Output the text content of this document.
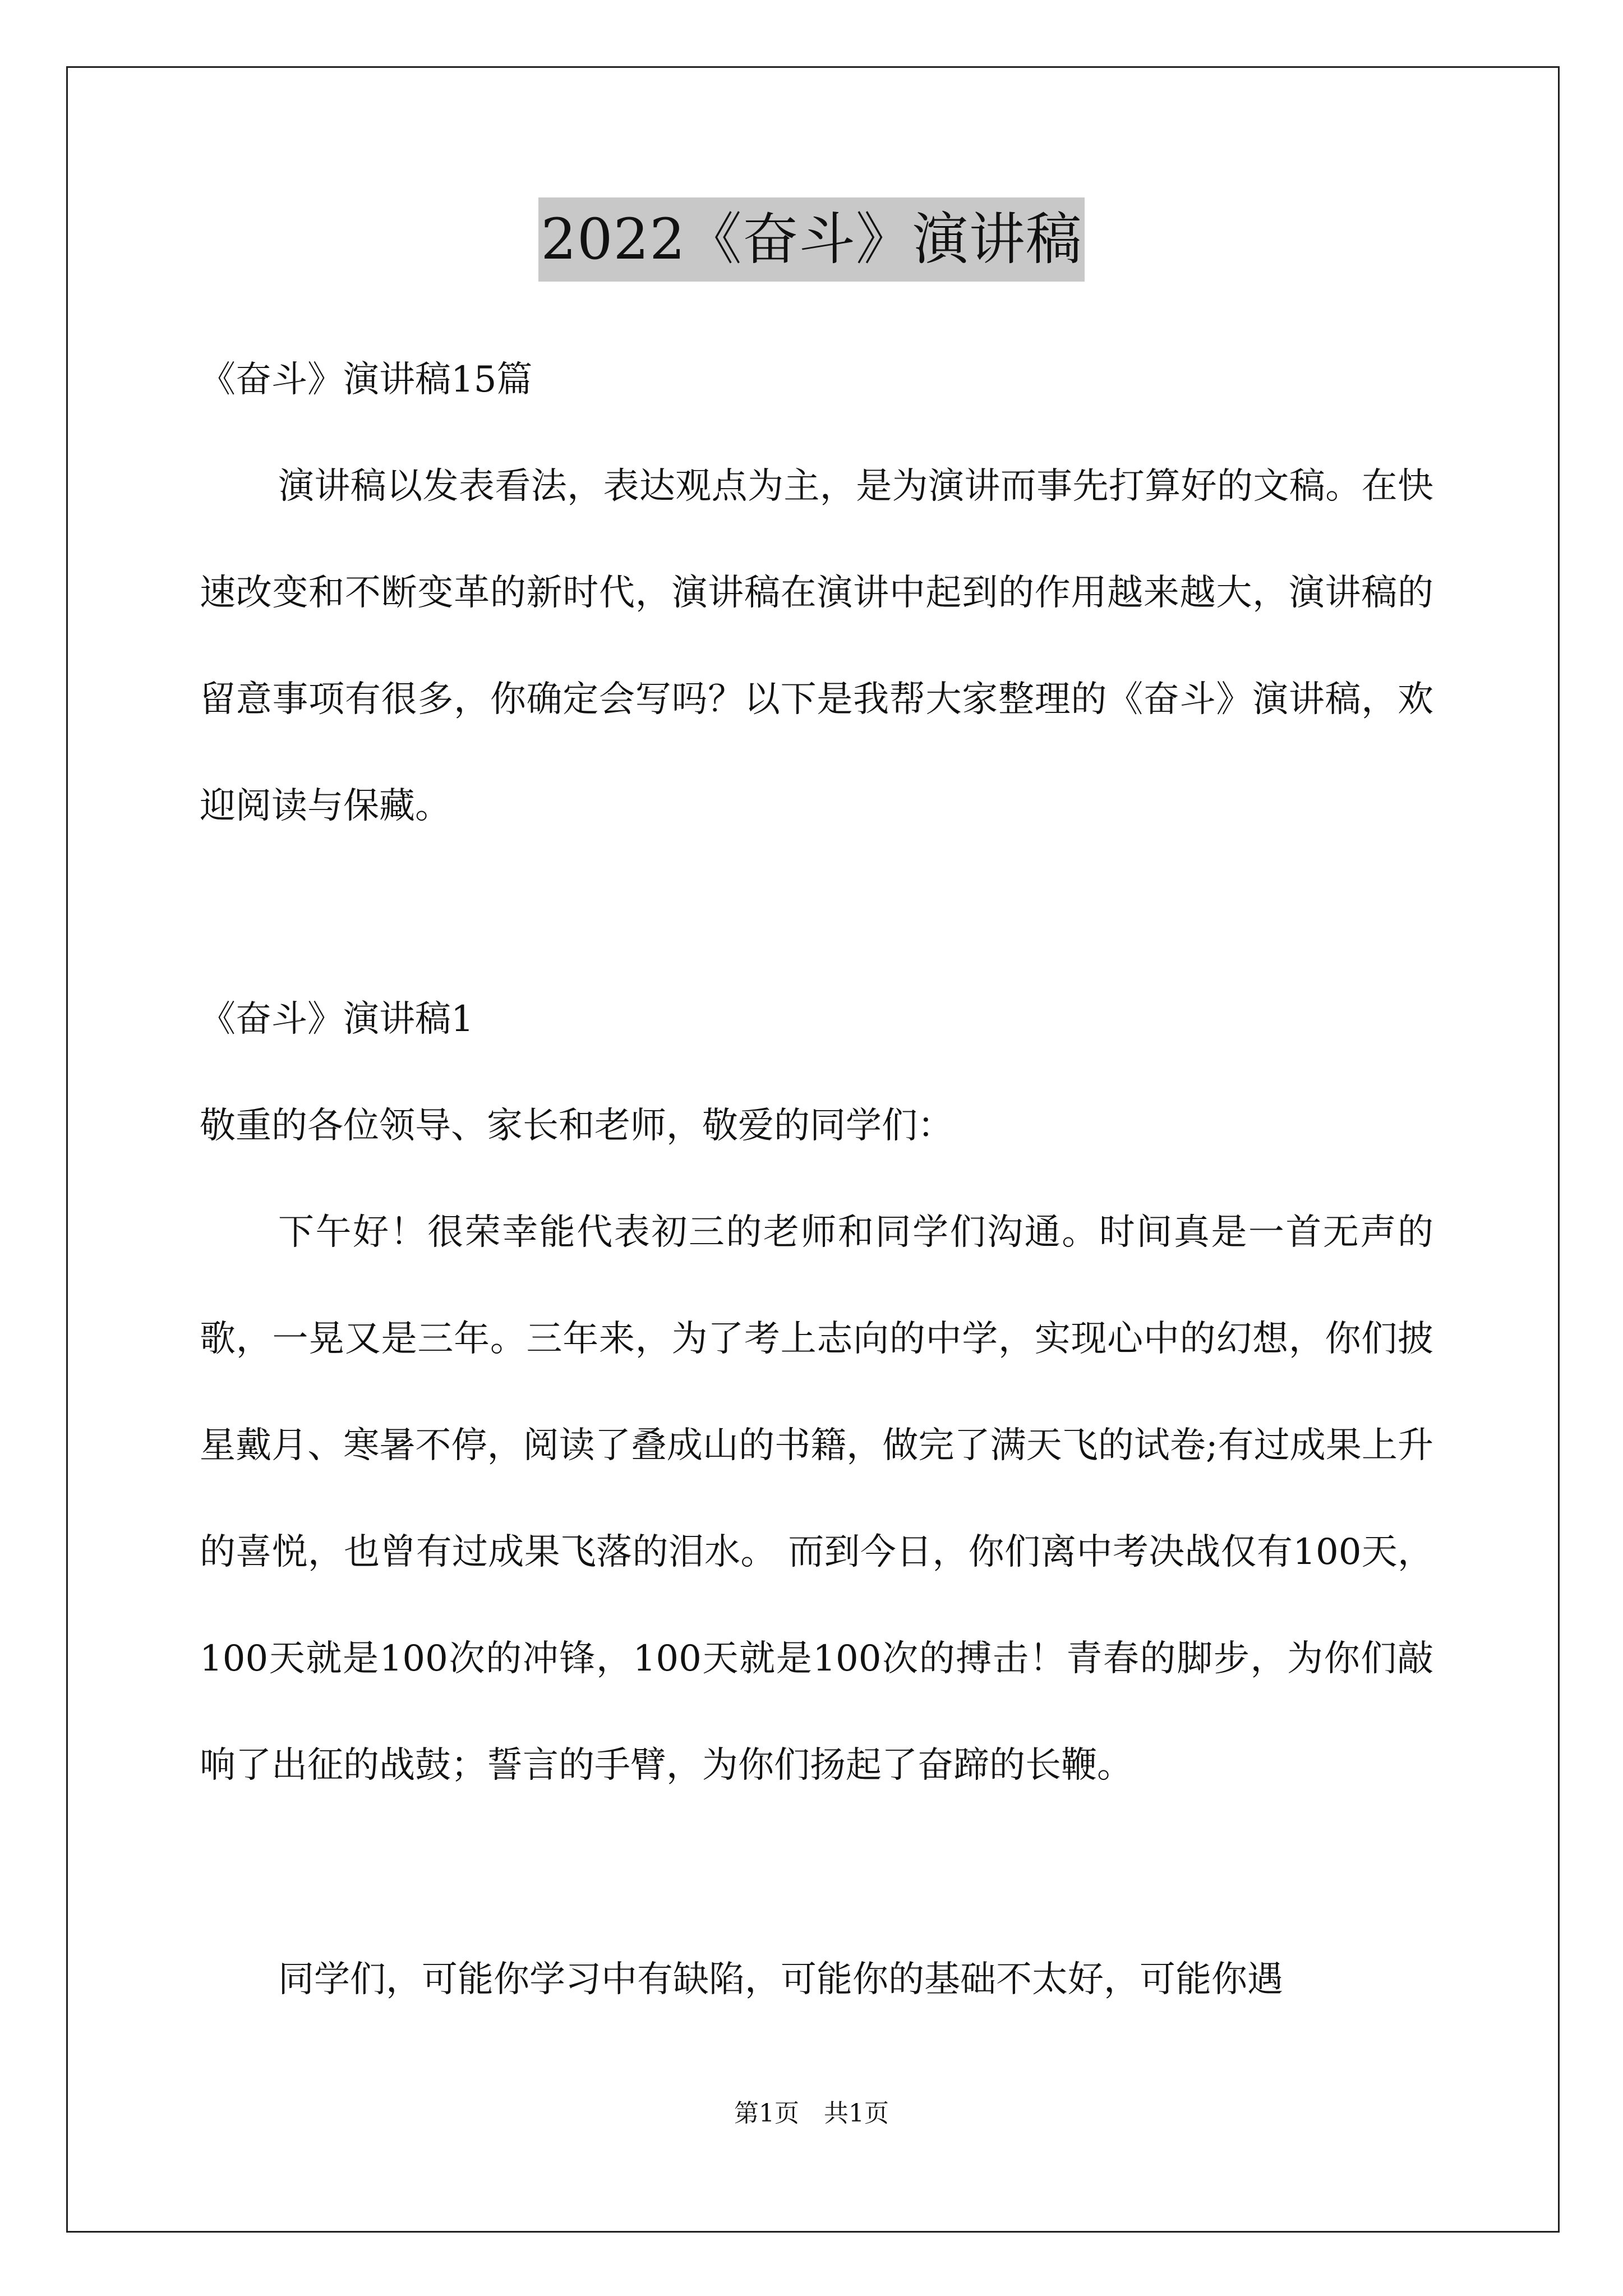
2022《奋斗》演讲稿

《奋斗》演讲稿15篇

演讲稿以发表看法，表达观点为主，是为演讲而事先打算好的文稿。在快速改变和不断变革的新时代，演讲稿在演讲中起到的作用越来越大，演讲稿的留意事项有很多，你确定会写吗？以下是我帮大家整理的《奋斗》演讲稿，欢迎阅读与保藏。

《奋斗》演讲稿1

敬重的各位领导、家长和老师，敬爱的同学们：

下午好！很荣幸能代表初三的老师和同学们沟通。时间真是一首无声的歌，一晃又是三年。三年来，为了考上志向的中学，实现心中的幻想，你们披星戴月、寒暑不停，阅读了叠成山的书籍，做完了满天飞的试卷;有过成果上升的喜悦，也曾有过成果飞落的泪水。 而到今日，你们离中考决战仅有100天，100天就是100次的冲锋，100天就是100次的搏击！青春的脚步，为你们敲响了出征的战鼓；誓言的手臂，为你们扬起了奋蹄的长鞭。

同学们，可能你学习中有缺陷，可能你的基础不太好，可能你遇

第1页　共1页
